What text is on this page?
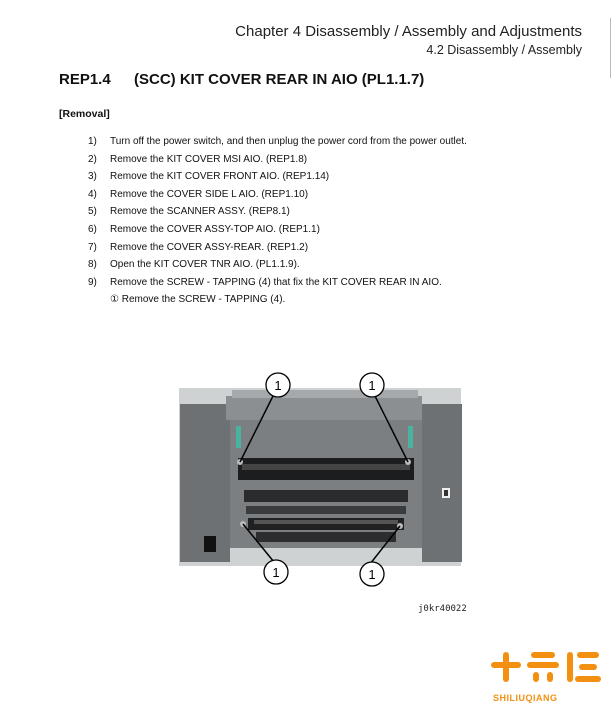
Chapter 4 Disassembly / Assembly and Adjustments
4.2 Disassembly / Assembly
REP1.4 (SCC) KIT COVER REAR IN AIO (PL1.1.7)
[Removal]
1)	Turn off the power switch, and then unplug the power cord from the power outlet.
2)	Remove the KIT COVER MSI AIO. (REP1.8)
3)	Remove the KIT COVER FRONT AIO. (REP1.14)
4)	Remove the COVER SIDE L AIO. (REP1.10)
5)	Remove the SCANNER ASSY. (REP8.1)
6)	Remove the COVER ASSY-TOP AIO. (REP1.1)
7)	Remove the COVER ASSY-REAR. (REP1.2)
8)	Open the KIT COVER TNR AIO. (PL1.1.9).
9)	Remove the SCREW - TAPPING (4) that fix the KIT COVER REAR IN AIO.
① Remove the SCREW - TAPPING (4).
1	1
1	1
j0kr40022
SHILIUQIANG
